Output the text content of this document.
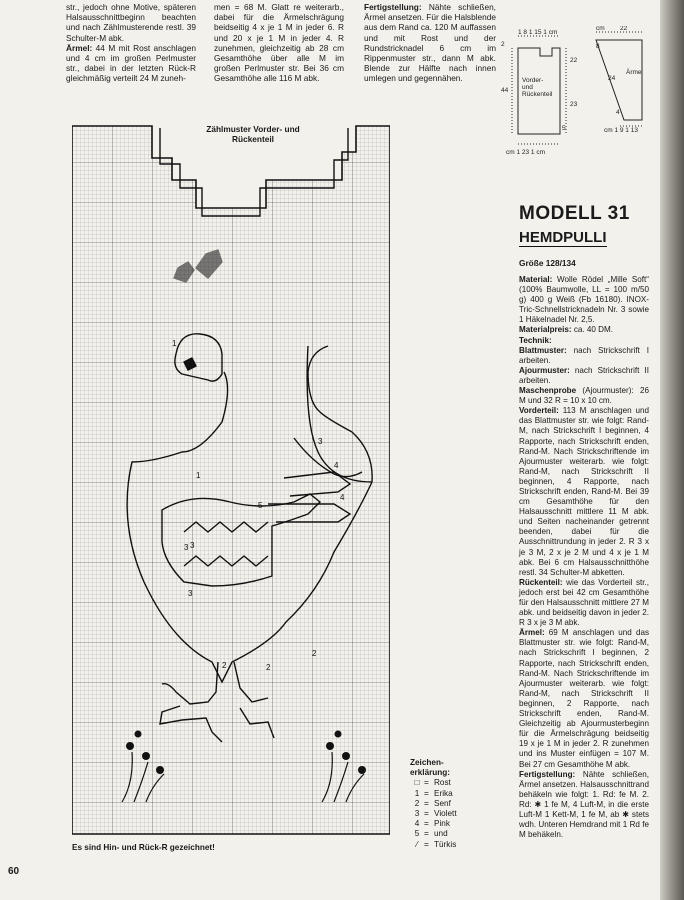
str., jedoch ohne Motive, späteren Halsausschnittbeginn beachten und nach Zählmusterende restl. 39 Schulter-M abk.

Ärmel: 44 M mit Rost anschlagen und 4 cm im großen Perlmuster str., dabei in der letzten Rück-R gleichmäßig verteilt 24 M zuneh-

men = 68 M. Glatt re weiterarb., dabei für die Ärmelschrägung beidseitig 4 x je 1 M in jeder 6. R und 20 x je 1 M in jeder 4. R zunehmen, gleichzeitig ab 28 cm Gesamthöhe über alle M im großen Perlmuster str. Bei 36 cm Gesamthöhe alle 116 M abk.

Fertigstellung: Nähte schließen, Ärmel ansetzen. Für die Halsblende aus dem Rand ca. 120 M auffassen und mit Rost und der Rundstricknadel 6 cm im Rippenmuster str., dann M abk. Blende zur Hälfte nach innen umlegen und gegennähen.

1 8 1 15 1 cm
2
44
22
23
5
Vorder-
und
Rückenteil
cm 1 23 1 cm
cm 22
Ärmel
8
24
4
cm 1 9 1 13
MODELL 31
HEMDPULLI
Größe 128/134

Material: Wolle Rödel „Mille Soft“ (100% Baumwolle, LL = 100 m/50 g) 400 g Weiß (Fb 16180). INOX-Tric-Schnellstricknadeln Nr. 3 sowie 1 Häkelnadel Nr. 2,5.

Materialpreis: ca. 40 DM.

Technik:

Blattmuster: nach Strickschrift I arbeiten.

Ajourmuster: nach Strickschrift II arbeiten.

Maschenprobe (Ajourmuster): 26 M und 32 R = 10 x 10 cm.

Vorderteil: 113 M anschlagen und das Blattmuster str. wie folgt: Rand-M, nach Strickschrift I beginnen, 4 Rapporte, nach Strickschrift enden, Rand-M. Nach Strickschriftende im Ajourmuster weiterarb. wie folgt: Rand-M, nach Strickschrift II beginnen, 4 Rapporte, nach Strickschrift enden, Rand-M. Bei 39 cm Gesamthöhe für den Halsausschnitt mittlere 11 M abk. und Seiten nacheinander getrennt beenden, dabei für die Ausschnittrundung in jeder 2. R 3 x je 3 M, 2 x je 2 M und 4 x je 1 M abk. Bei 6 cm Halsausschnitthöhe restl. 34 Schulter-M abketten.

Rückenteil: wie das Vorderteil str., jedoch erst bei 42 cm Gesamthöhe für den Halsausschnitt mittlere 27 M abk. und beidseitig davon in jeder 2. R 3 x je 3 M abk.

Ärmel: 69 M anschlagen und das Blattmuster str. wie folgt: Rand-M, nach Strickschrift I beginnen, 2 Rapporte, nach Strickschrift enden, Rand-M. Nach Strickschriftende im Ajourmuster weiterarb. wie folgt: Rand-M, nach Strickschrift II beginnen, 2 Rapporte, nach Strickschrift enden, Rand-M. Gleichzeitig ab Ajourmusterbeginn für die Ärmelschrägung beidseitig 19 x je 1 M in jeder 2. R zunehmen und ins Muster einfügen = 107 M. Bei 27 cm Gesamthöhe M abk.

Fertigstellung: Nähte schließen, Ärmel ansetzen. Halsausschnittrand behäkeln wie folgt: 1. Rd: fe M. 2. Rd: ✱ 1 fe M, 4 Luft-M, in die erste Luft-M 1 Kett-M, 1 fe M, ab ✱ stets wdh. Unteren Hemdrand mit 1 Rd fe M behäkeln.

1
1
2
3
3
4
4
3
5
3
2	2
Zählmuster Vorder- und
Rückenteil
Es sind Hin- und Rück-R gezeichnet!
Zeichen-
erklärung:
□ = Rost
1 = Erika
2 = Senf
3 = Violett
4 = Pink
5 = und
⁄ = Türkis
60
